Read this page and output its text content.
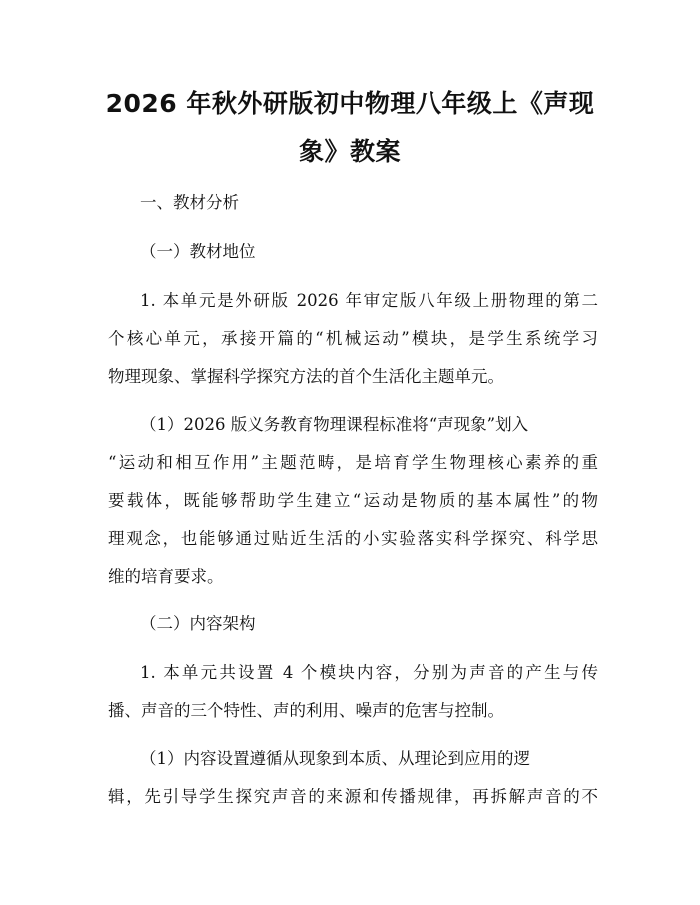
2026 年秋外研版初中物理八年级上《声现
象》教案
一、教材分析
（一）教材地位
1. 本单元是外研版 2026 年审定版八年级上册物理的第二
个核心单元，承接开篇的“机械运动”模块，是学生系统学习
物理现象、掌握科学探究方法的首个生活化主题单元。
（1）2026 版义务教育物理课程标准将“声现象”划入
“运动和相互作用”主题范畴，是培育学生物理核心素养的重
要载体，既能够帮助学生建立“运动是物质的基本属性”的物
理观念，也能够通过贴近生活的小实验落实科学探究、科学思
维的培育要求。
（二）内容架构
1. 本单元共设置 4 个模块内容，分别为声音的产生与传
播、声音的三个特性、声的利用、噪声的危害与控制。
（1）内容设置遵循从现象到本质、从理论到应用的逻
辑，先引导学生探究声音的来源和传播规律，再拆解声音的不
